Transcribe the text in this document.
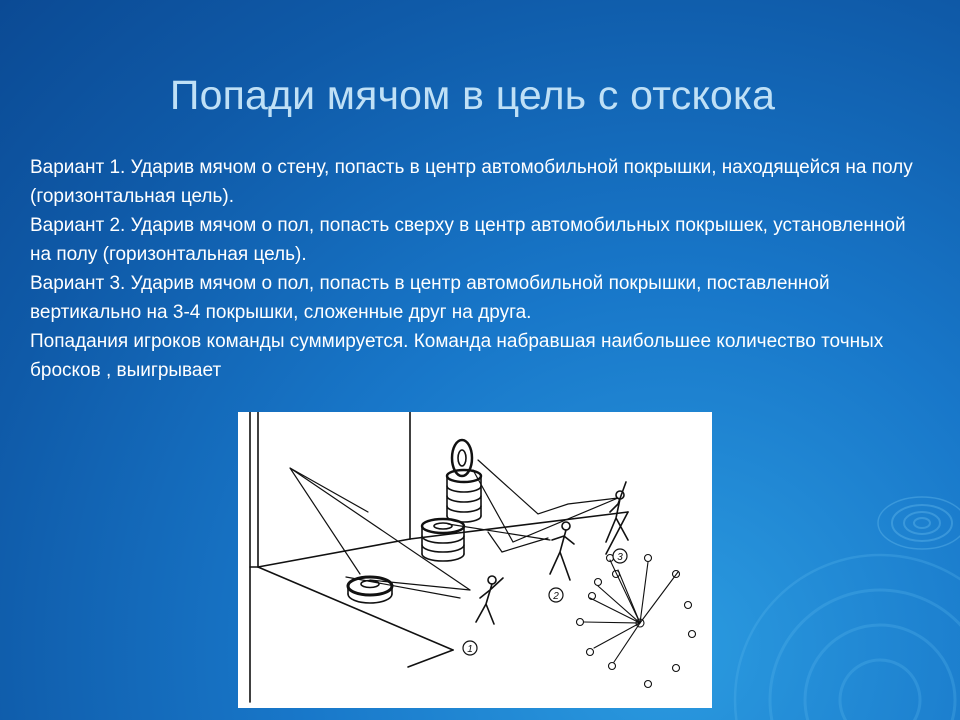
Попади мячом в цель с отскока

Вариант 1. Ударив мячом о стену, попасть в центр автомобильной покрышки, находящейся на полу (горизонтальная цель).

Вариант 2. Ударив мячом о пол, попасть сверху в центр автомобильных покрышек, установленной на полу (горизонтальная цель).

Вариант 3. Ударив мячом о пол, попасть в центр автомобильной покрышки, поставленной вертикально на 3-4 покрышки, сложенные друг на друга.

Попадания игроков команды суммируется. Команда набравшая наибольшее количество точных бросков , выигрывает

1
2
3
